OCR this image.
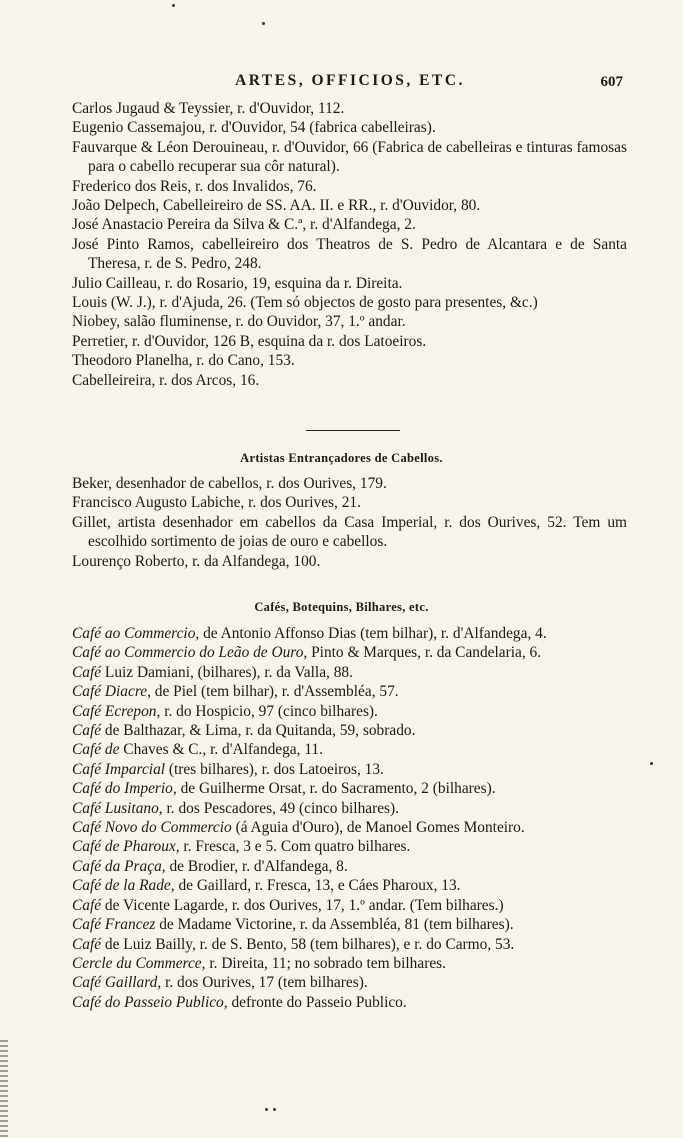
ARTES, OFFICIOS, ETC.	607

Carlos Jugaud & Teyssier, r. d'Ouvidor, 112.

Eugenio Cassemajou, r. d'Ouvidor, 54 (fabrica cabelleiras).

Fauvarque & Léon Derouineau, r. d'Ouvidor, 66 (Fabrica de cabelleiras e tinturas famosas para o cabello recuperar sua côr natural).

Frederico dos Reis, r. dos Invalidos, 76.

João Delpech, Cabelleireiro de SS. AA. II. e RR., r. d'Ouvidor, 80.

José Anastacio Pereira da Silva & C.ª, r. d'Alfandega, 2.

José Pinto Ramos, cabelleireiro dos Theatros de S. Pedro de Alcantara e de Santa Theresa, r. de S. Pedro, 248.

Julio Cailleau, r. do Rosario, 19, esquina da r. Direita.

Louis (W. J.), r. d'Ajuda, 26. (Tem só objectos de gosto para presentes, &c.)

Niobey, salão fluminense, r. do Ouvidor, 37, 1.º andar.

Perretier, r. d'Ouvidor, 126 B, esquina da r. dos Latoeiros.

Theodoro Planelha, r. do Cano, 153.

Cabelleireira, r. dos Arcos, 16.

Artistas Entrançadores de Cabellos.

Beker, desenhador de cabellos, r. dos Ourives, 179.

Francisco Augusto Labiche, r. dos Ourives, 21.

Gillet, artista desenhador em cabellos da Casa Imperial, r. dos Ourives, 52. Tem um escolhido sortimento de joias de ouro e cabellos.

Lourenço Roberto, r. da Alfandega, 100.

Cafés, Botequins, Bilhares, etc.

Café ao Commercio, de Antonio Affonso Dias (tem bilhar), r. d'Alfandega, 4.

Café ao Commercio do Leão de Ouro, Pinto & Marques, r. da Candelaria, 6.

Café Luiz Damiani, (bilhares), r. da Valla, 88.

Café Diacre, de Piel (tem bilhar), r. d'Assembléa, 57.

Café Ecrepon, r. do Hospicio, 97 (cinco bilhares).

Café de Balthazar, & Lima, r. da Quitanda, 59, sobrado.

Café de Chaves & C., r. d'Alfandega, 11.

Café Imparcial (tres bilhares), r. dos Latoeiros, 13.

Café do Imperio, de Guilherme Orsat, r. do Sacramento, 2 (bilhares).

Café Lusitano, r. dos Pescadores, 49 (cinco bilhares).

Café Novo do Commercio (á Aguia d'Ouro), de Manoel Gomes Monteiro.

Café de Pharoux, r. Fresca, 3 e 5. Com quatro bilhares.

Café da Praça, de Brodier, r. d'Alfandega, 8.

Café de la Rade, de Gaillard, r. Fresca, 13, e Cáes Pharoux, 13.

Café de Vicente Lagarde, r. dos Ourives, 17, 1.º andar. (Tem bilhares.)

Café Francez de Madame Victorine, r. da Assembléa, 81 (tem bilhares).

Café de Luiz Bailly, r. de S. Bento, 58 (tem bilhares), e r. do Carmo, 53.

Cercle du Commerce, r. Direita, 11; no sobrado tem bilhares.

Café Gaillard, r. dos Ourives, 17 (tem bilhares).

Café do Passeio Publico, defronte do Passeio Publico.
